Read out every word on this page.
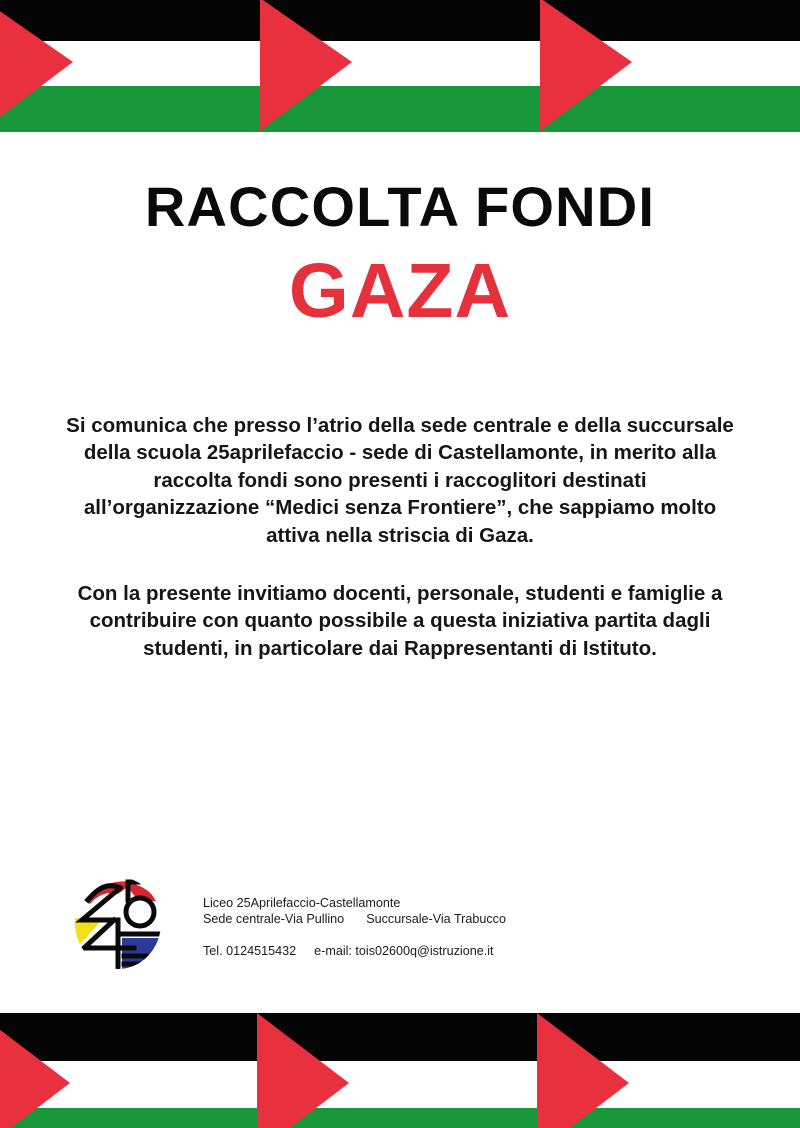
RACCOLTA FONDI
GAZA
Si comunica che presso l’atrio della sede centrale e della succursale
della scuola 25aprilefaccio - sede di Castellamonte, in merito alla
raccolta fondi sono presenti i raccoglitori destinati
all’organizzazione “Medici senza Frontiere”, che sappiamo molto
attiva nella striscia di Gaza.
Con la presente invitiamo docenti, personale, studenti e famiglie a
contribuire con quanto possibile a questa iniziativa partita dagli
studenti, in particolare dai Rappresentanti di Istituto.
Liceo 25Aprilefaccio-Castellamonte
Sede centrale-Via Pullino Succursale-Via Trabucco
Tel. 0124515432 e-mail: tois02600q@istruzione.it
